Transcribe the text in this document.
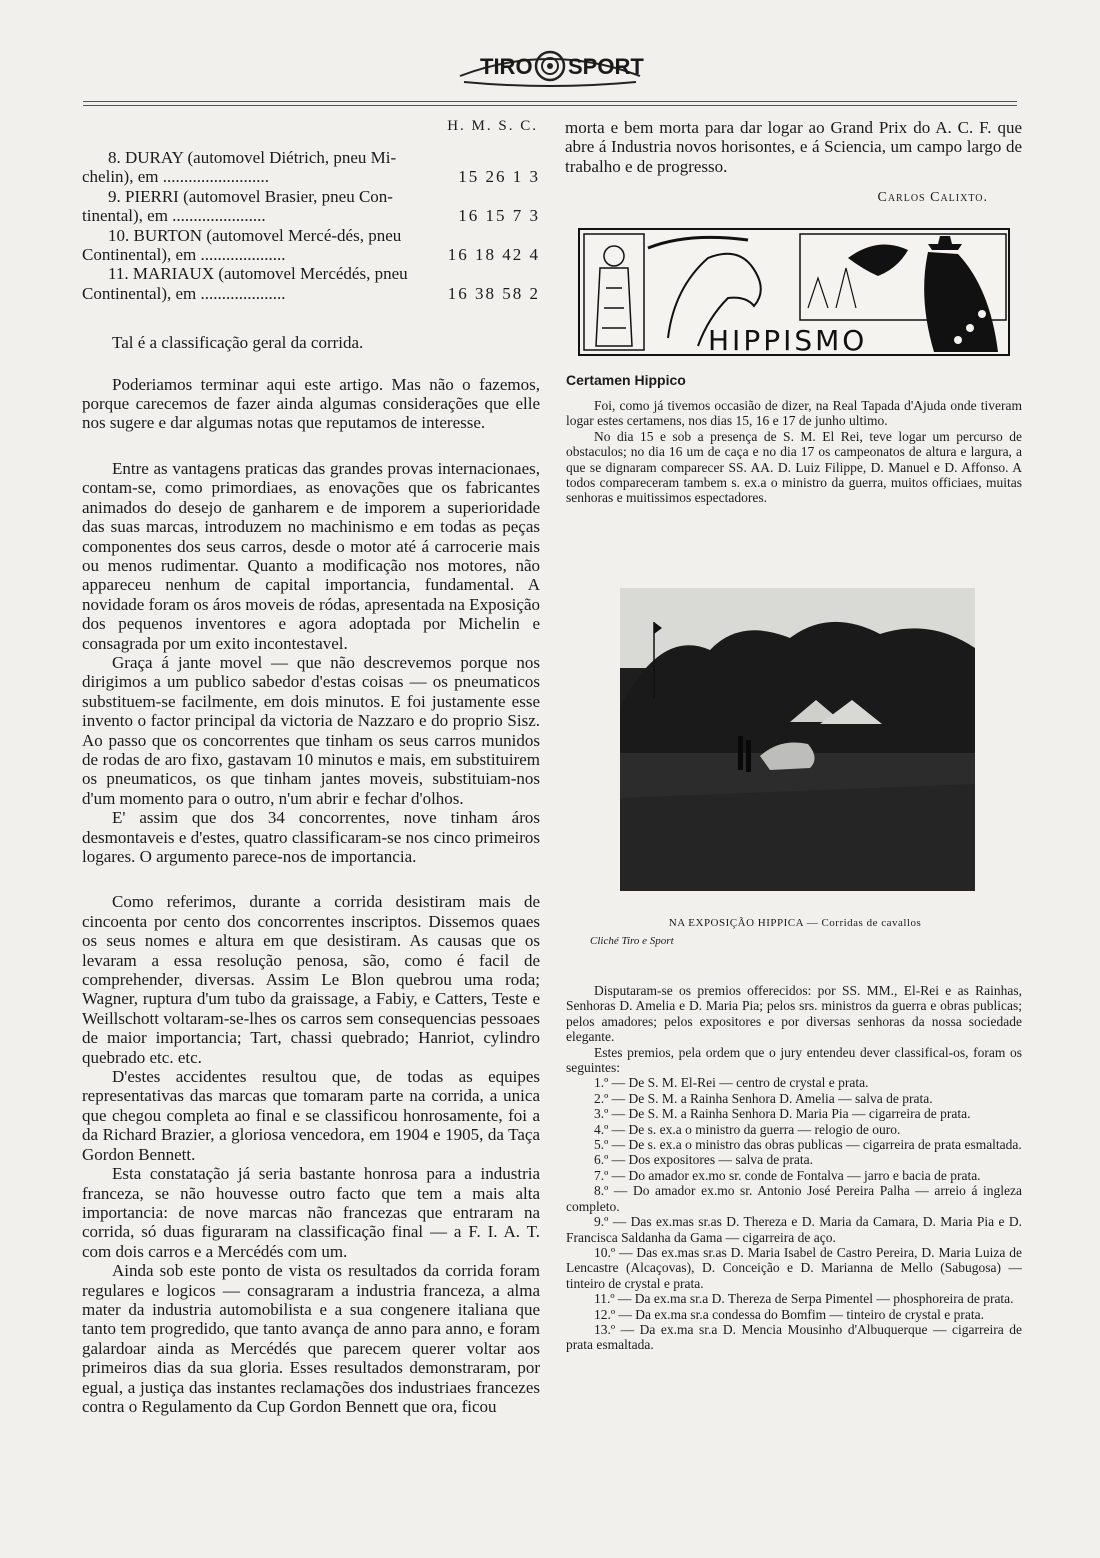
TIRO SPORT
H. M. S. C.
8. DURAY (automovel Diétrich, pneu Mi-
chelin), em .........................	15 26 1 3
9. PIERRI (automovel Brasier, pneu Con-
tinental), em ......................	16 15 7 3
10. BURTON (automovel Mercé-dés, pneu
Continental), em ....................	16 18 42 4
11. MARIAUX (automovel Mercédés, pneu
Continental), em ....................	16 38 58 2

Tal é a classificação geral da corrida.

Poderiamos terminar aqui este artigo. Mas não o fazemos, porque carecemos de fazer ainda algumas considerações que elle nos sugere e dar algumas notas que reputamos de interesse.

Entre as vantagens praticas das grandes provas internacionaes, contam-se, como primordiaes, as enovações que os fabricantes animados do desejo de ganharem e de imporem a superioridade das suas marcas, introduzem no machinismo e em todas as peças componentes dos seus carros, desde o motor até á carrocerie mais ou menos rudimentar. Quanto a modificação nos motores, não appareceu nenhum de capital importancia, fundamental. A novidade foram os áros moveis de ródas, apresentada na Exposição dos pequenos inventores e agora adoptada por Michelin e consagrada por um exito incontestavel.

Graça á jante movel — que não descrevemos porque nos dirigimos a um publico sabedor d'estas coisas — os pneumaticos substituem-se facilmente, em dois minutos. E foi justamente esse invento o factor principal da victoria de Nazzaro e do proprio Sisz. Ao passo que os concorrentes que tinham os seus carros munidos de rodas de aro fixo, gastavam 10 minutos e mais, em substituirem os pneumaticos, os que tinham jantes moveis, substituiam-nos d'um momento para o outro, n'um abrir e fechar d'olhos.

E' assim que dos 34 concorrentes, nove tinham áros desmontaveis e d'estes, quatro classificaram-se nos cinco primeiros logares. O argumento parece-nos de importancia.

Como referimos, durante a corrida desistiram mais de cincoenta por cento dos concorrentes inscriptos. Dissemos quaes os seus nomes e altura em que desistiram. As causas que os levaram a essa resolução penosa, são, como é facil de comprehender, diversas. Assim Le Blon quebrou uma roda; Wagner, ruptura d'um tubo da graissage, a Fabiy, e Catters, Teste e Weillschott voltaram-se-lhes os carros sem consequencias pessoaes de maior importancia; Tart, chassi quebrado; Hanriot, cylindro quebrado etc. etc.

D'estes accidentes resultou que, de todas as equipes representativas das marcas que tomaram parte na corrida, a unica que chegou completa ao final e se classificou honrosamente, foi a da Richard Brazier, a gloriosa vencedora, em 1904 e 1905, da Taça Gordon Bennett.

Esta constatação já seria bastante honrosa para a industria franceza, se não houvesse outro facto que tem a mais alta importancia: de nove marcas não francezas que entraram na corrida, só duas figuraram na classificação final — a F. I. A. T. com dois carros e a Mercédés com um.

Ainda sob este ponto de vista os resultados da corrida foram regulares e logicos — consagraram a industria franceza, a alma mater da industria automobilista e a sua congenere italiana que tanto tem progredido, que tanto avança de anno para anno, e foram galardoar ainda as Mercédés que parecem querer voltar aos primeiros dias da sua gloria. Esses resultados demonstraram, por egual, a justiça das instantes reclamações dos industriaes francezes contra o Regulamento da Cup Gordon Bennett que ora, ficou

morta e bem morta para dar logar ao Grand Prix do A. C. F. que abre á Industria novos horisontes, e á Sciencia, um campo largo de trabalho e de progresso.

Carlos Calixto.
HIPPISMO
Certamen Hippico

Foi, como já tivemos occasião de dizer, na Real Tapada d'Ajuda onde tiveram logar estes certamens, nos dias 15, 16 e 17 de junho ultimo.

No dia 15 e sob a presença de S. M. El Rei, teve logar um percurso de obstaculos; no dia 16 um de caça e no dia 17 os campeonatos de altura e largura, a que se dignaram comparecer SS. AA. D. Luiz Filippe, D. Manuel e D. Affonso. A todos compareceram tambem s. ex.a o ministro da guerra, muitos officiaes, muitas senhoras e muitissimos espectadores.

NA EXPOSIÇÃO HIPPICA — Corridas de cavallos
Cliché Tiro e Sport

Disputaram-se os premios offerecidos: por SS. MM., El-Rei e as Rainhas, Senhoras D. Amelia e D. Maria Pia; pelos srs. ministros da guerra e obras publicas; pelos amadores; pelos expositores e por diversas senhoras da nossa sociedade elegante.

Estes premios, pela ordem que o jury entendeu dever classifical-os, foram os seguintes:

1.º — De S. M. El-Rei — centro de crystal e prata.

2.º — De S. M. a Rainha Senhora D. Amelia — salva de prata.

3.º — De S. M. a Rainha Senhora D. Maria Pia — cigarreira de prata.

4.º — De s. ex.a o ministro da guerra — relogio de ouro.

5.º — De s. ex.a o ministro das obras publicas — cigarreira de prata esmaltada.

6.º — Dos expositores — salva de prata.

7.º — Do amador ex.mo sr. conde de Fontalva — jarro e bacia de prata.

8.º — Do amador ex.mo sr. Antonio José Pereira Palha — arreio á ingleza completo.

9.º — Das ex.mas sr.as D. Thereza e D. Maria da Camara, D. Maria Pia e D. Francisca Saldanha da Gama — cigarreira de aço.

10.º — Das ex.mas sr.as D. Maria Isabel de Castro Pereira, D. Maria Luiza de Lencastre (Alcaçovas), D. Conceição e D. Marianna de Mello (Sabugosa) — tinteiro de crystal e prata.

11.º — Da ex.ma sr.a D. Thereza de Serpa Pimentel — phosphoreira de prata.

12.º — Da ex.ma sr.a condessa do Bomfim — tinteiro de crystal e prata.

13.º — Da ex.ma sr.a D. Mencia Mousinho d'Albuquerque — cigarreira de prata esmaltada.
